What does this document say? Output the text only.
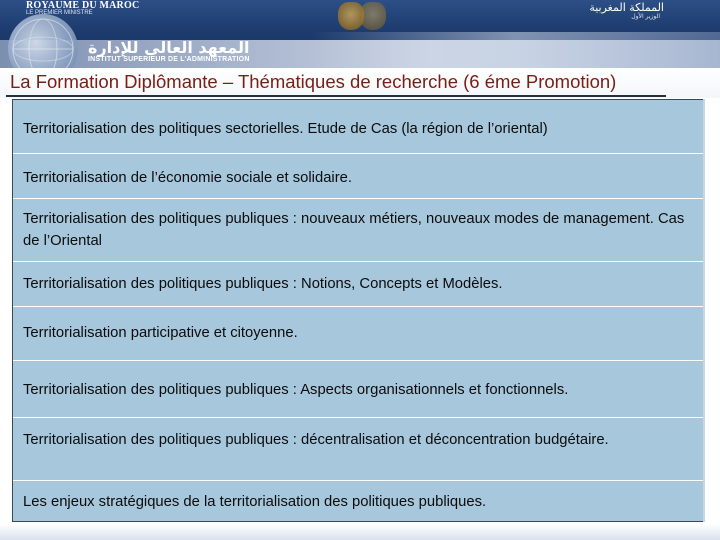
ROYAUME DU MAROC
LE PREMIER MINISTRE	المملكة المغربية
الوزير الأول
المعهد العالي للإدارة
INSTITUT SUPERIEUR DE L'ADMINISTRATION
La Formation Diplômante – Thématiques de recherche (6 éme Promotion)
Territorialisation des politiques sectorielles. Etude de Cas (la région de l’oriental)
Territorialisation de l’économie sociale et solidaire.
Territorialisation des politiques publiques : nouveaux métiers, nouveaux modes de management. Cas de l’Oriental
Territorialisation des politiques publiques : Notions, Concepts et Modèles.
Territorialisation participative et citoyenne.
Territorialisation des politiques publiques : Aspects organisationnels et fonctionnels.
Territorialisation des politiques publiques : décentralisation et déconcentration budgétaire.
Les enjeux stratégiques de la territorialisation des politiques publiques.
